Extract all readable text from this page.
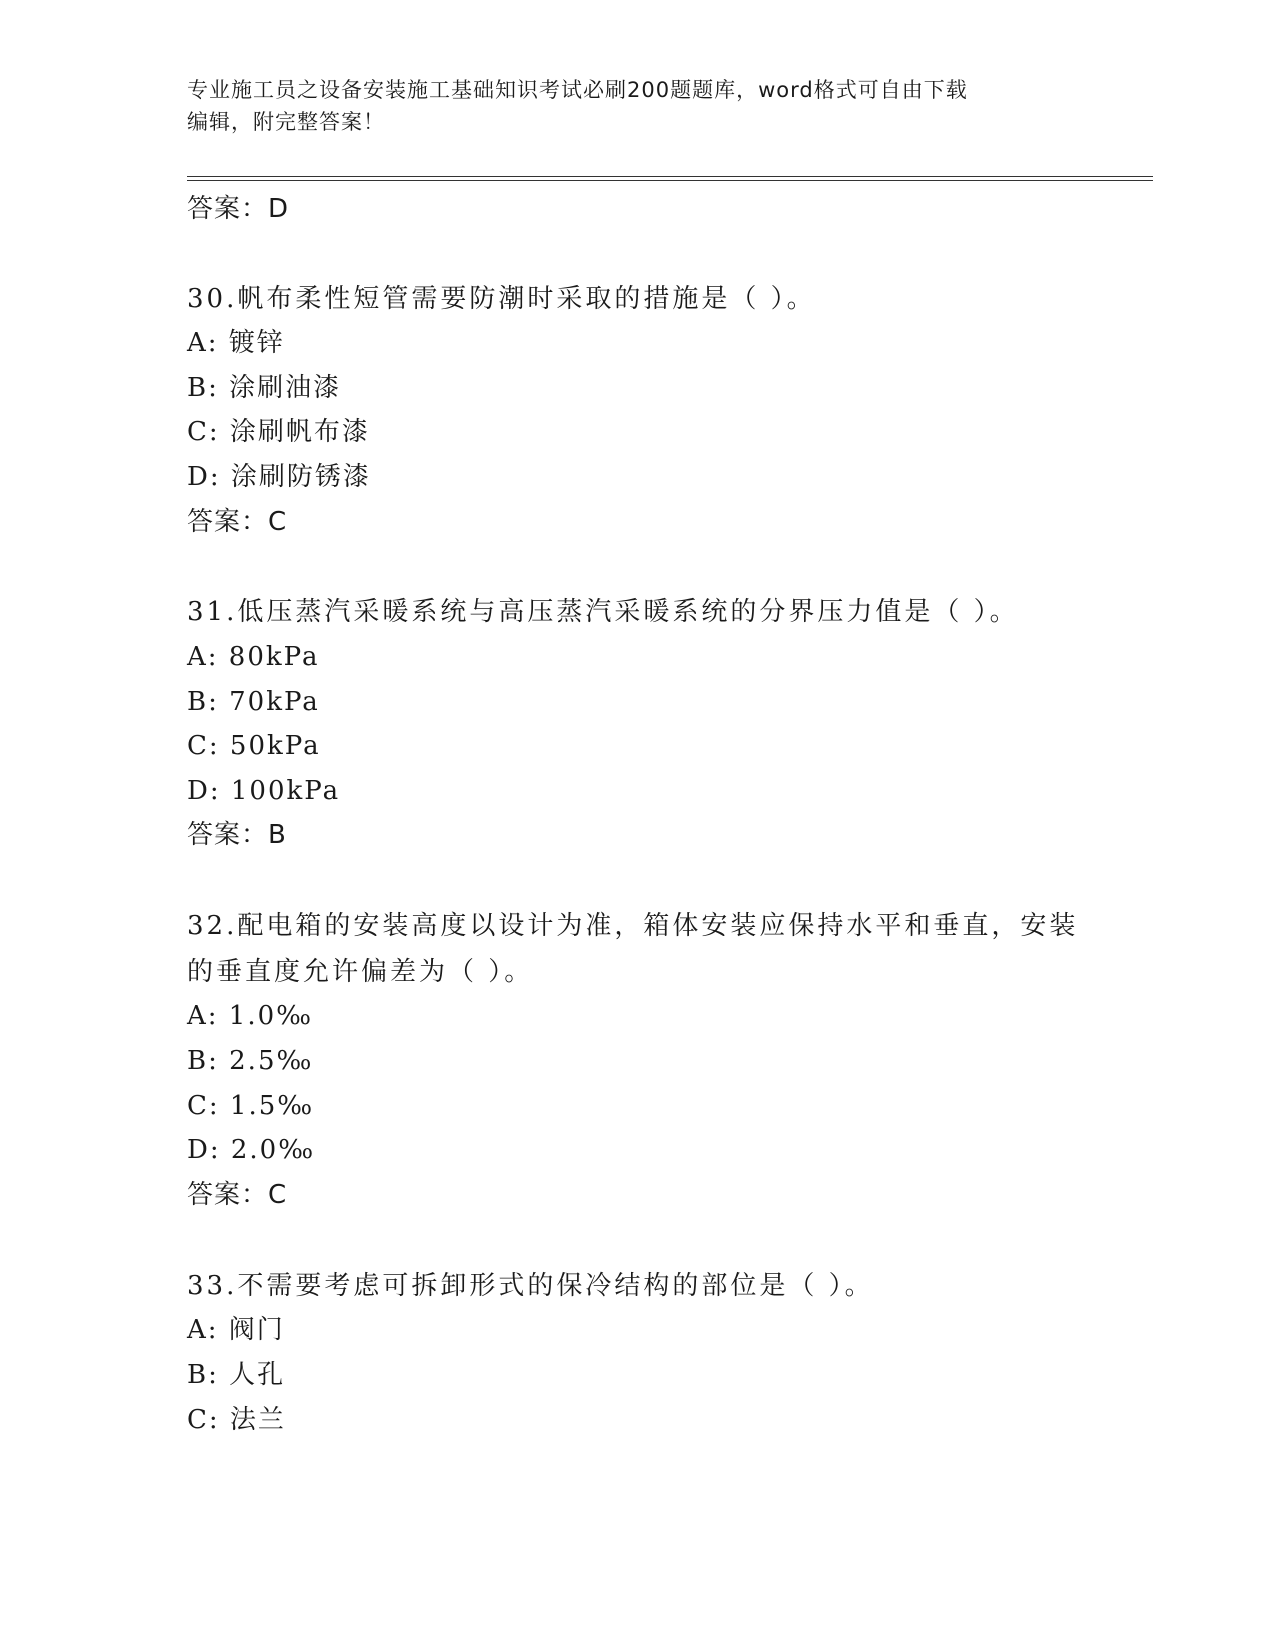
专业施工员之设备安装施工基础知识考试必刷200题题库，word格式可自由下载
编辑，附完整答案！
答案：D
30.帆布柔性短管需要防潮时采取的措施是（ ）。
A: 镀锌
B: 涂刷油漆
C: 涂刷帆布漆
D: 涂刷防锈漆
答案：C
31.低压蒸汽采暖系统与高压蒸汽采暖系统的分界压力值是（ ）。
A: 80kPa
B: 70kPa
C: 50kPa
D: 100kPa
答案：B
32.配电箱的安装高度以设计为准，箱体安装应保持水平和垂直，安装的垂直度允许偏差为（ ）。
A: 1.0‰
B: 2.5‰
C: 1.5‰
D: 2.0‰
答案：C
33.不需要考虑可拆卸形式的保冷结构的部位是（ ）。
A: 阀门
B: 人孔
C: 法兰
